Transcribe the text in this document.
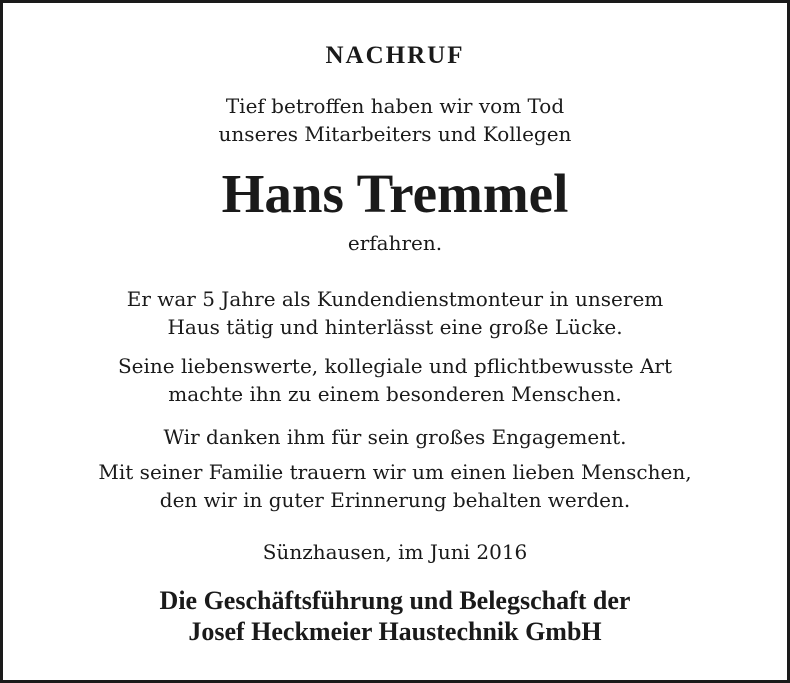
NACHRUF
Tief betroffen haben wir vom Tod
unseres Mitarbeiters und Kollegen
Hans Tremmel
erfahren.
Er war 5 Jahre als Kundendienstmonteur in unserem
Haus tätig und hinterlässt eine große Lücke.
Seine liebenswerte, kollegiale und pflichtbewusste Art
machte ihn zu einem besonderen Menschen.
Wir danken ihm für sein großes Engagement.
Mit seiner Familie trauern wir um einen lieben Menschen,
den wir in guter Erinnerung behalten werden.
Sünzhausen, im Juni 2016
Die Geschäftsführung und Belegschaft der
Josef Heckmeier Haustechnik GmbH
